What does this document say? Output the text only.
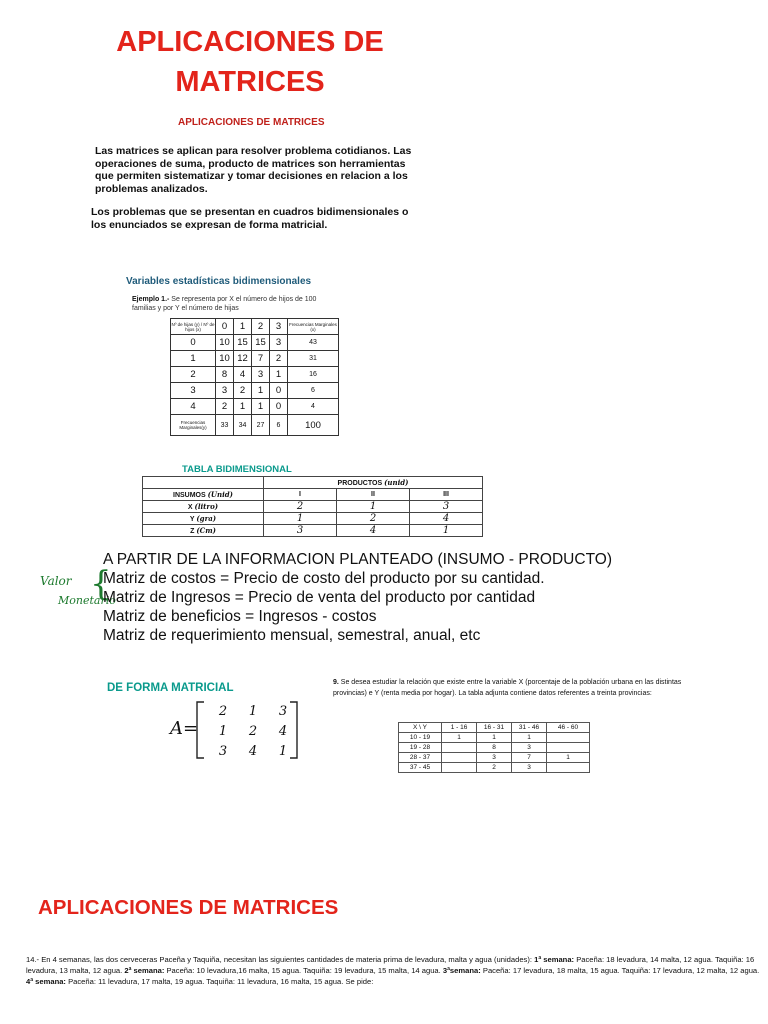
APLICACIONES DE
MATRICES
APLICACIONES DE MATRICES
Las matrices se aplican para resolver problema cotidianos. Las operaciones de suma, producto de matrices son herramientas que permiten sistematizar y tomar decisiones en relacion a los problemas analizados.
Los problemas que se presentan en cuadros bidimensionales o los enunciados se expresan de forma matricial.
Variables estadísticas bidimensionales
Ejemplo 1.- Se representa por X el número de hijos de 100 familias y por Y el número de hijas
Nº de hijas (y) / Nº de hijos (x)	0	1	2	3	Frecuencias Marginales (x)
0	10	15	15	3	43
1	10	12	7	2	31
2	8	4	3	1	16
3	3	2	1	0	6
4	2	1	1	0	4
Frecuencias Marginales(y)	33	34	27	6	100
TABLA BIDIMENSIONAL
	PRODUCTOS (unid)		
INSUMOS (Unid)	I	II	III
X (litro)	2	1	3
Y (gra)	1	2	4
Z (Cm)	3	4	1
Valor
Monetario
{
A PARTIR DE LA INFORMACION PLANTEADO (INSUMO - PRODUCTO)
Matriz de costos = Precio de costo del producto por su cantidad.
Matriz de Ingresos = Precio de venta del producto por cantidad
Matriz de beneficios = Ingresos - costos
Matriz de requerimiento mensual, semestral, anual, etc
DE FORMA MATRICIAL
A=
2 1 3
1 2 4
3 4 1
9. Se desea estudiar la relación que existe entre la variable X (porcentaje de la población urbana en las distintas provincias) e Y (renta media por hogar). La tabla adjunta contiene datos referentes a treinta provincias:
X \ Y	1 - 16	16 - 31	31 - 46	46 - 60
10 - 19	1	1	1	
19 - 28		8	3	
28 - 37		3	7	1
37 - 45		2	3	
APLICACIONES DE MATRICES
14.- En 4 semanas, las dos cerveceras Paceña y Taquiña, necesitan las siguientes cantidades de materia prima de levadura, malta y agua (unidades): 1ª semana: Paceña: 18 levadura, 14 malta, 12 agua. Taquiña: 16 levadura, 13 malta, 12 agua. 2ª semana: Paceña: 10 levadura,16 malta, 15 agua. Taquiña: 19 levadura, 15 malta, 14 agua. 3ªsemana: Paceña: 17 levadura, 18 malta, 15 agua. Taquiña: 17 levadura, 12 malta, 12 agua. 4ª semana: Paceña: 11 levadura, 17 malta, 19 agua. Taquiña: 11 levadura, 16 malta, 15 agua. Se pide:
